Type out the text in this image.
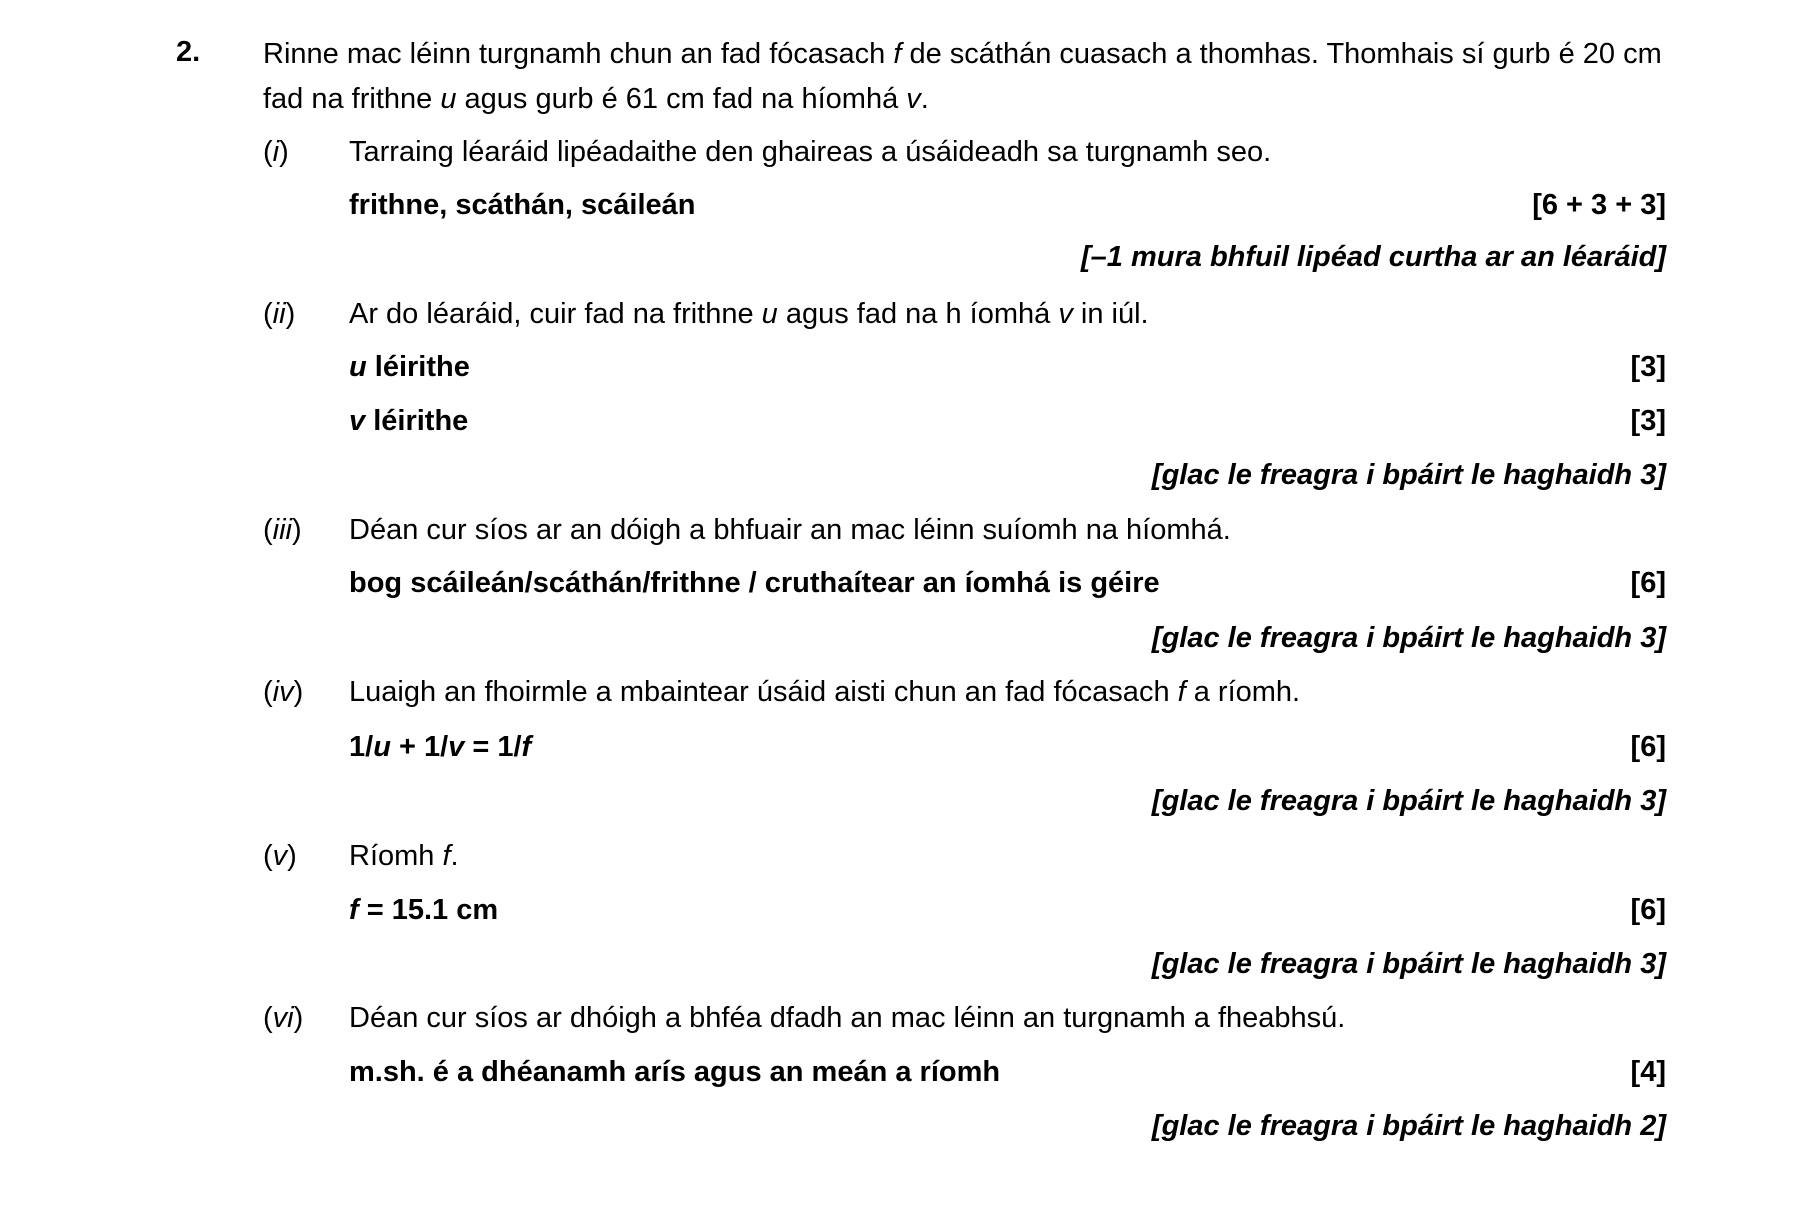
2. Rinne mac léinn turgnamh chun an fad fócasach f de scáthán cuasach a thomhas. Thomhais sí gurb é 20 cm fad na frithne u agus gurb é 61 cm fad na híomhá v.
(i) Tarraing léaráid lipéadaithe den ghaireas a úsáideadh sa turgnamh seo.
frithne, scáthán, scáileán	[6 + 3 + 3]
[–1 mura bhfuil lipéad curtha ar an léaráid]
(ii) Ar do léaráid, cuir fad na frithne u agus fad na h íomhá v in iúl.
u léirithe	[3]
v léirithe	[3]
[glac le freagra i bpáirt le haghaidh 3]
(iii) Déan cur síos ar an dóigh a bhfuair an mac léinn suíomh na híomhá.
bog scáileán/scáthán/frithne / cruthaítear an íomhá is géire	[6]
[glac le freagra i bpáirt le haghaidh 3]
(iv) Luaigh an fhoirmle a mbaintear úsáid aisti chun an fad fócasach f a ríomh.
1/u + 1/v = 1/f	[6]
[glac le freagra i bpáirt le haghaidh 3]
(v) Ríomh f.
f = 15.1 cm	[6]
[glac le freagra i bpáirt le haghaidh 3]
(vi) Déan cur síos ar dhóigh a bhféa dfadh an mac léinn an turgnamh a fheabhsú.
m.sh. é a dhéanamh arís agus an meán a ríomh	[4]
[glac le freagra i bpáirt le haghaidh 2]
